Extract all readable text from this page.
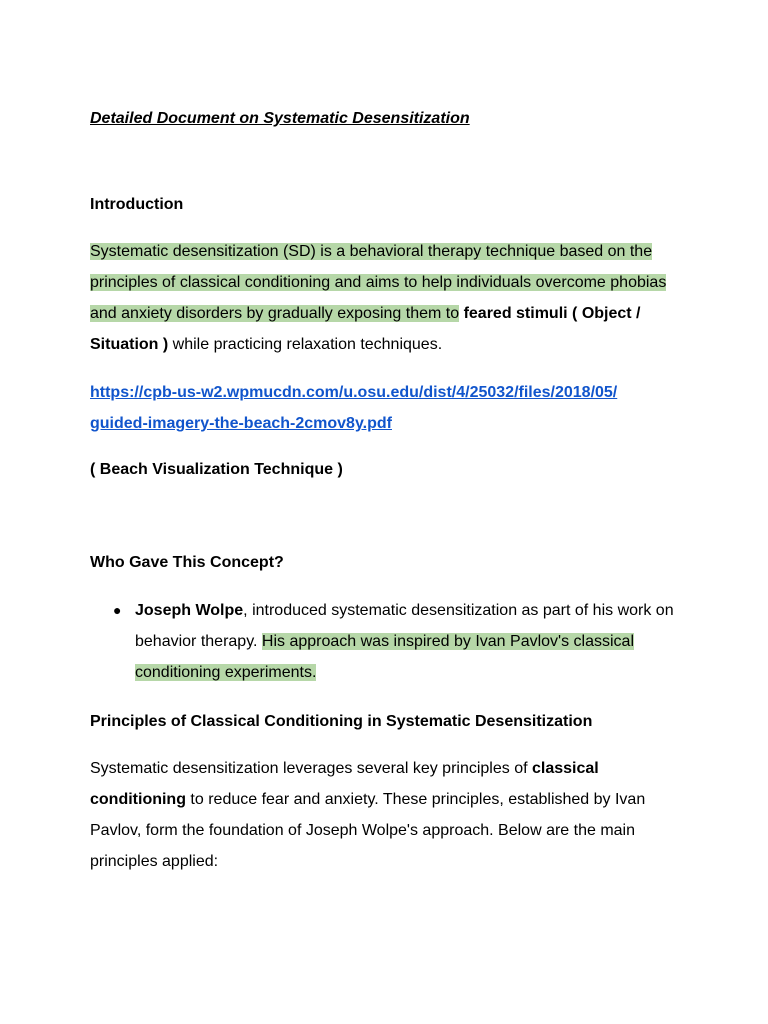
Detailed Document on Systematic Desensitization
Introduction

Systematic desensitization (SD) is a behavioral therapy technique based on the principles of classical conditioning and aims to help individuals overcome phobias and anxiety disorders by gradually exposing them to feared stimuli ( Object / Situation ) while practicing relaxation techniques.

https://cpb-us-w2.wpmucdn.com/u.osu.edu/dist/4/25032/files/2018/05/
guided-imagery-the-beach-2cmov8y.pdf

( Beach Visualization Technique )
Who Gave This Concept?
● Joseph Wolpe, introduced systematic desensitization as part of his work on behavior therapy. His approach was inspired by Ivan Pavlov's classical conditioning experiments.
Principles of Classical Conditioning in Systematic Desensitization

Systematic desensitization leverages several key principles of classical conditioning to reduce fear and anxiety. These principles, established by Ivan Pavlov, form the foundation of Joseph Wolpe's approach. Below are the main principles applied:
